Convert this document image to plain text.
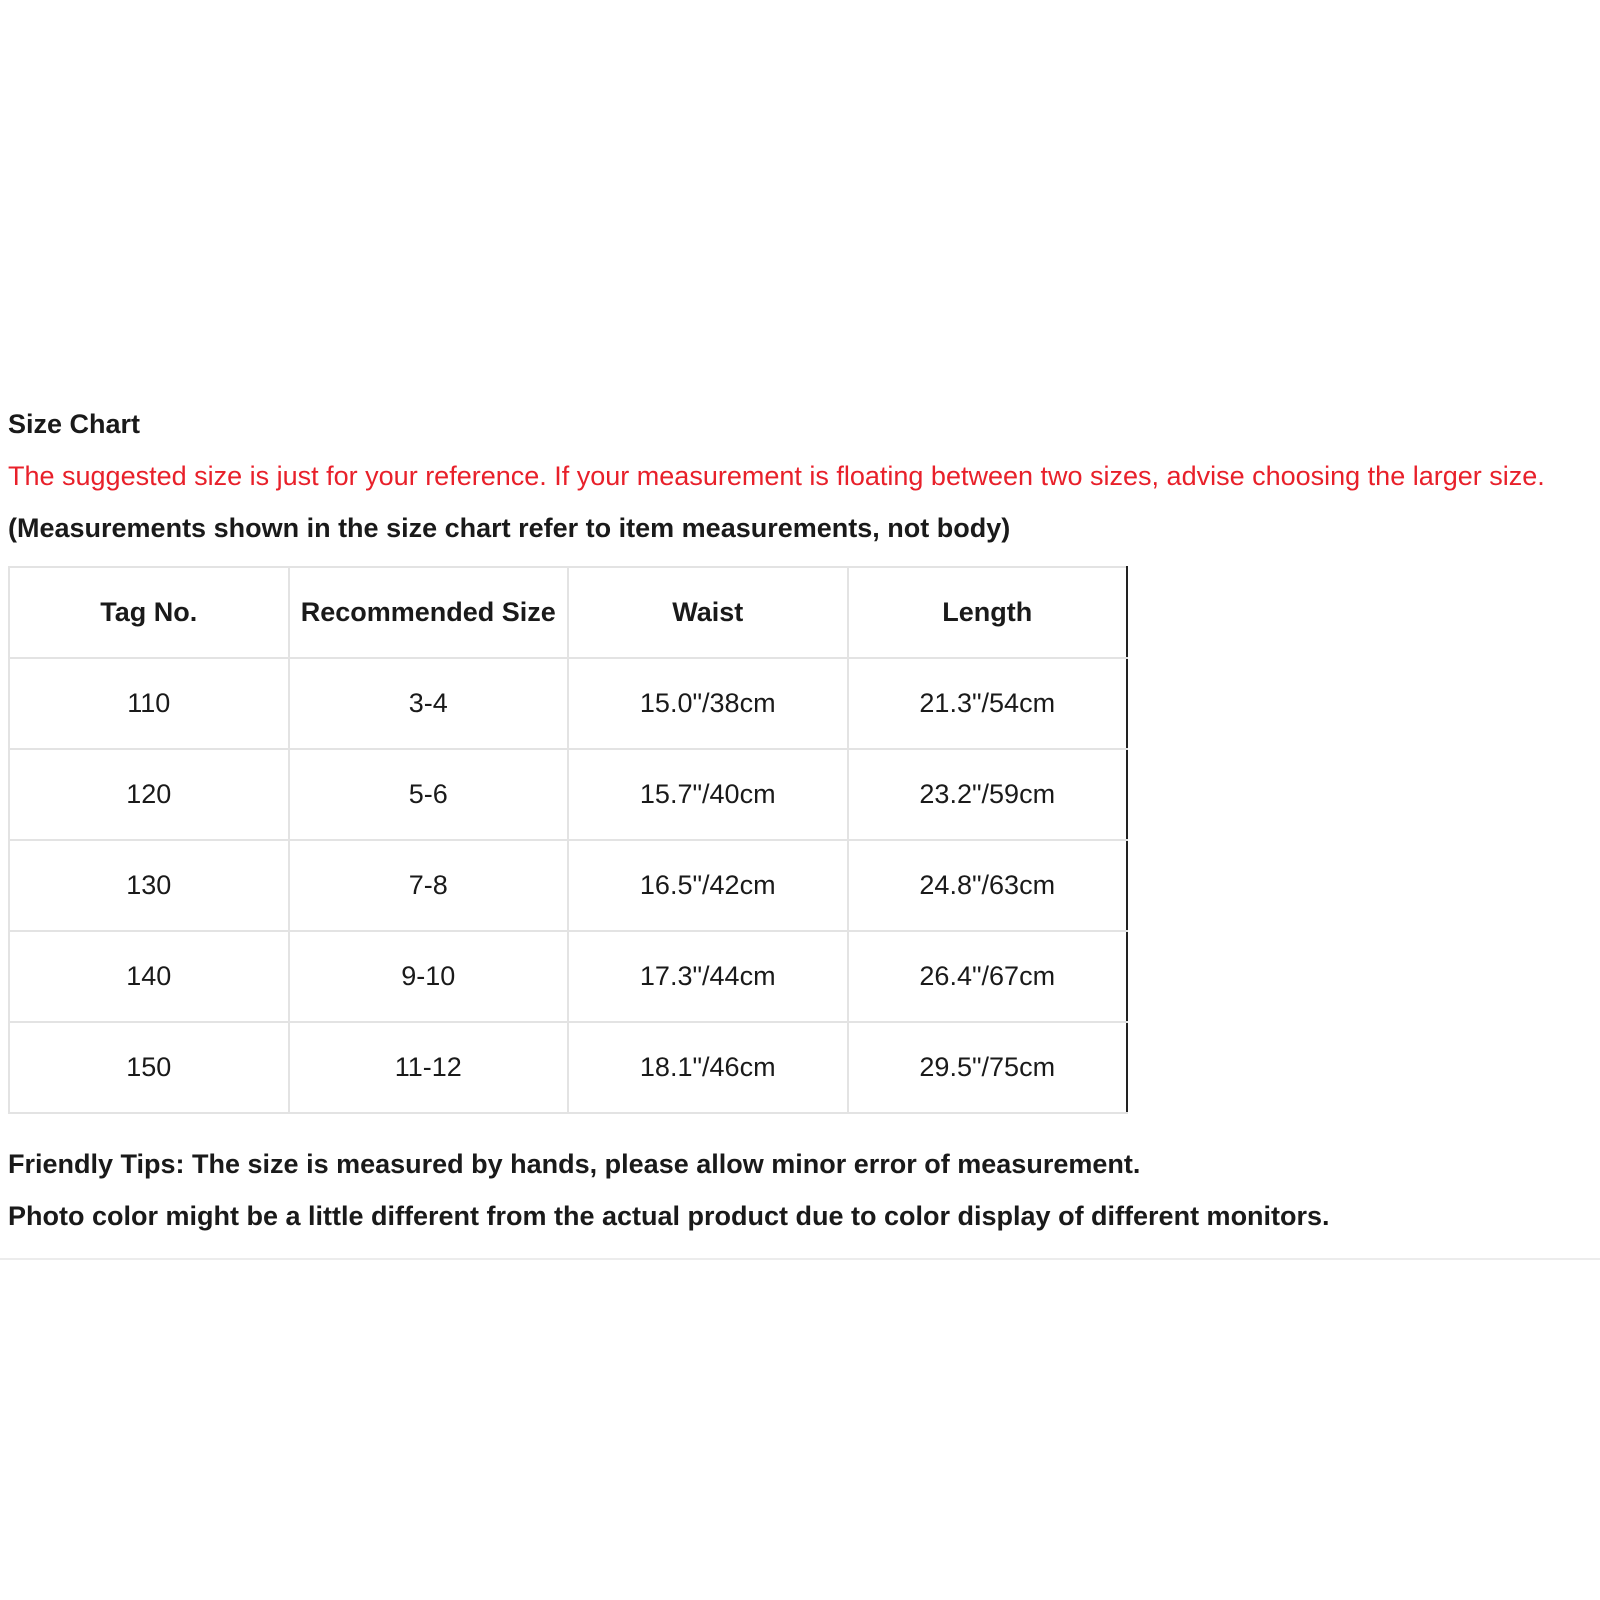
Size Chart
The suggested size is just for your reference. If your measurement is floating between two sizes, advise choosing the larger size.
(Measurements shown in the size chart refer to item measurements, not body)
Tag No.	Recommended Size	Waist	Length
110	3-4	15.0"/38cm	21.3"/54cm
120	5-6	15.7"/40cm	23.2"/59cm
130	7-8	16.5"/42cm	24.8"/63cm
140	9-10	17.3"/44cm	26.4"/67cm
150	11-12	18.1"/46cm	29.5"/75cm
Friendly Tips: The size is measured by hands, please allow minor error of measurement.
Photo color might be a little different from the actual product due to color display of different monitors.
